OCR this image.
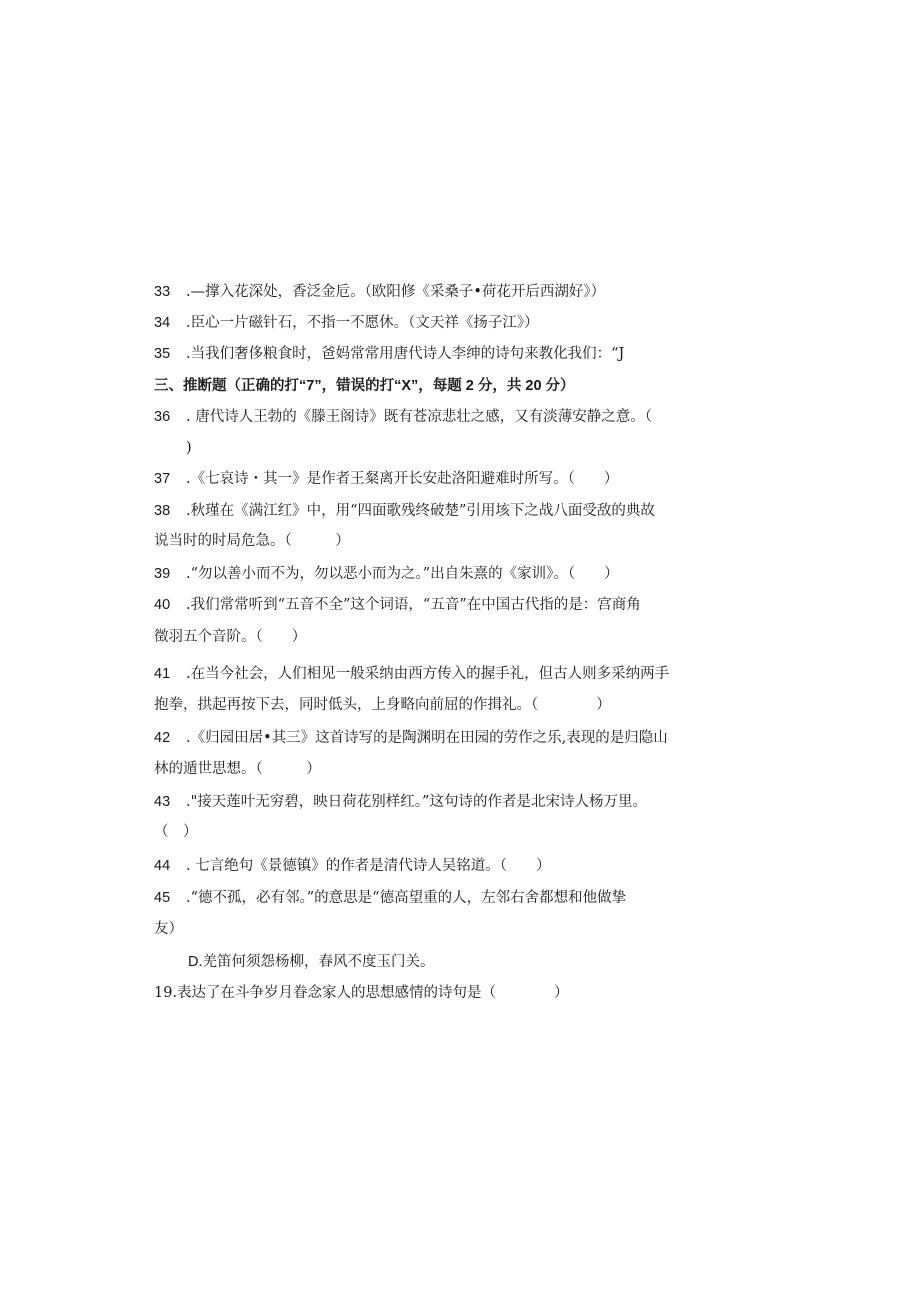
33 .—撑入花深处，香泛金卮。（欧阳修《采桑子•荷花开后西湖好》）
34 .臣心一片磁针石，不指一不愿休。（文天祥《扬子江》）
35 .当我们奢侈粮食时，爸妈常常用唐代诗人李绅的诗句来教化我们：“J
三、推断题（正确的打“7”，错误的打“X”，每题 2 分，共 20 分）
36 . 唐代诗人王勃的《滕王阁诗》既有苍凉悲壮之感，又有淡薄安静之意。（
)
37 .《七哀诗・其一》是作者王粲离开长安赴洛阳避难时所写。（　　）
38 .秋瑾在《满江红》中，用“四面歌残终破楚”引用垓下之战八面受敌的典故
说当时的时局危急。（　　　）
39 .“勿以善小而不为，勿以恶小而为之。”出自朱熹的《家训》。（　　）
40 .我们常常听到“五音不全”这个词语，“五音”在中国古代指的是：宫商角
徵羽五个音阶。（　　）
41 .在当今社会，人们相见一般采纳由西方传入的握手礼，但古人则多采纳两手
抱拳，拱起再按下去，同时低头，上身略向前屈的作揖礼。（　　　　）
42 .《归园田居•其三》这首诗写的是陶渊明在田园的劳作之乐,表现的是归隐山
林的遁世思想。（　　　）
43 ."接天莲叶无穷碧，映日荷花别样红。”这句诗的作者是北宋诗人杨万里。
（　）
44 . 七言绝句《景德镇》的作者是清代诗人吴铭道。（　　）
45 .“德不孤，必有邻。”的意思是“德高望重的人，左邻右舍都想和他做挚
友）
D.羌笛何须怨杨柳，春风不度玉门关。
19.表达了在斗争岁月眷念家人的思想感情的诗句是（　　　　）
